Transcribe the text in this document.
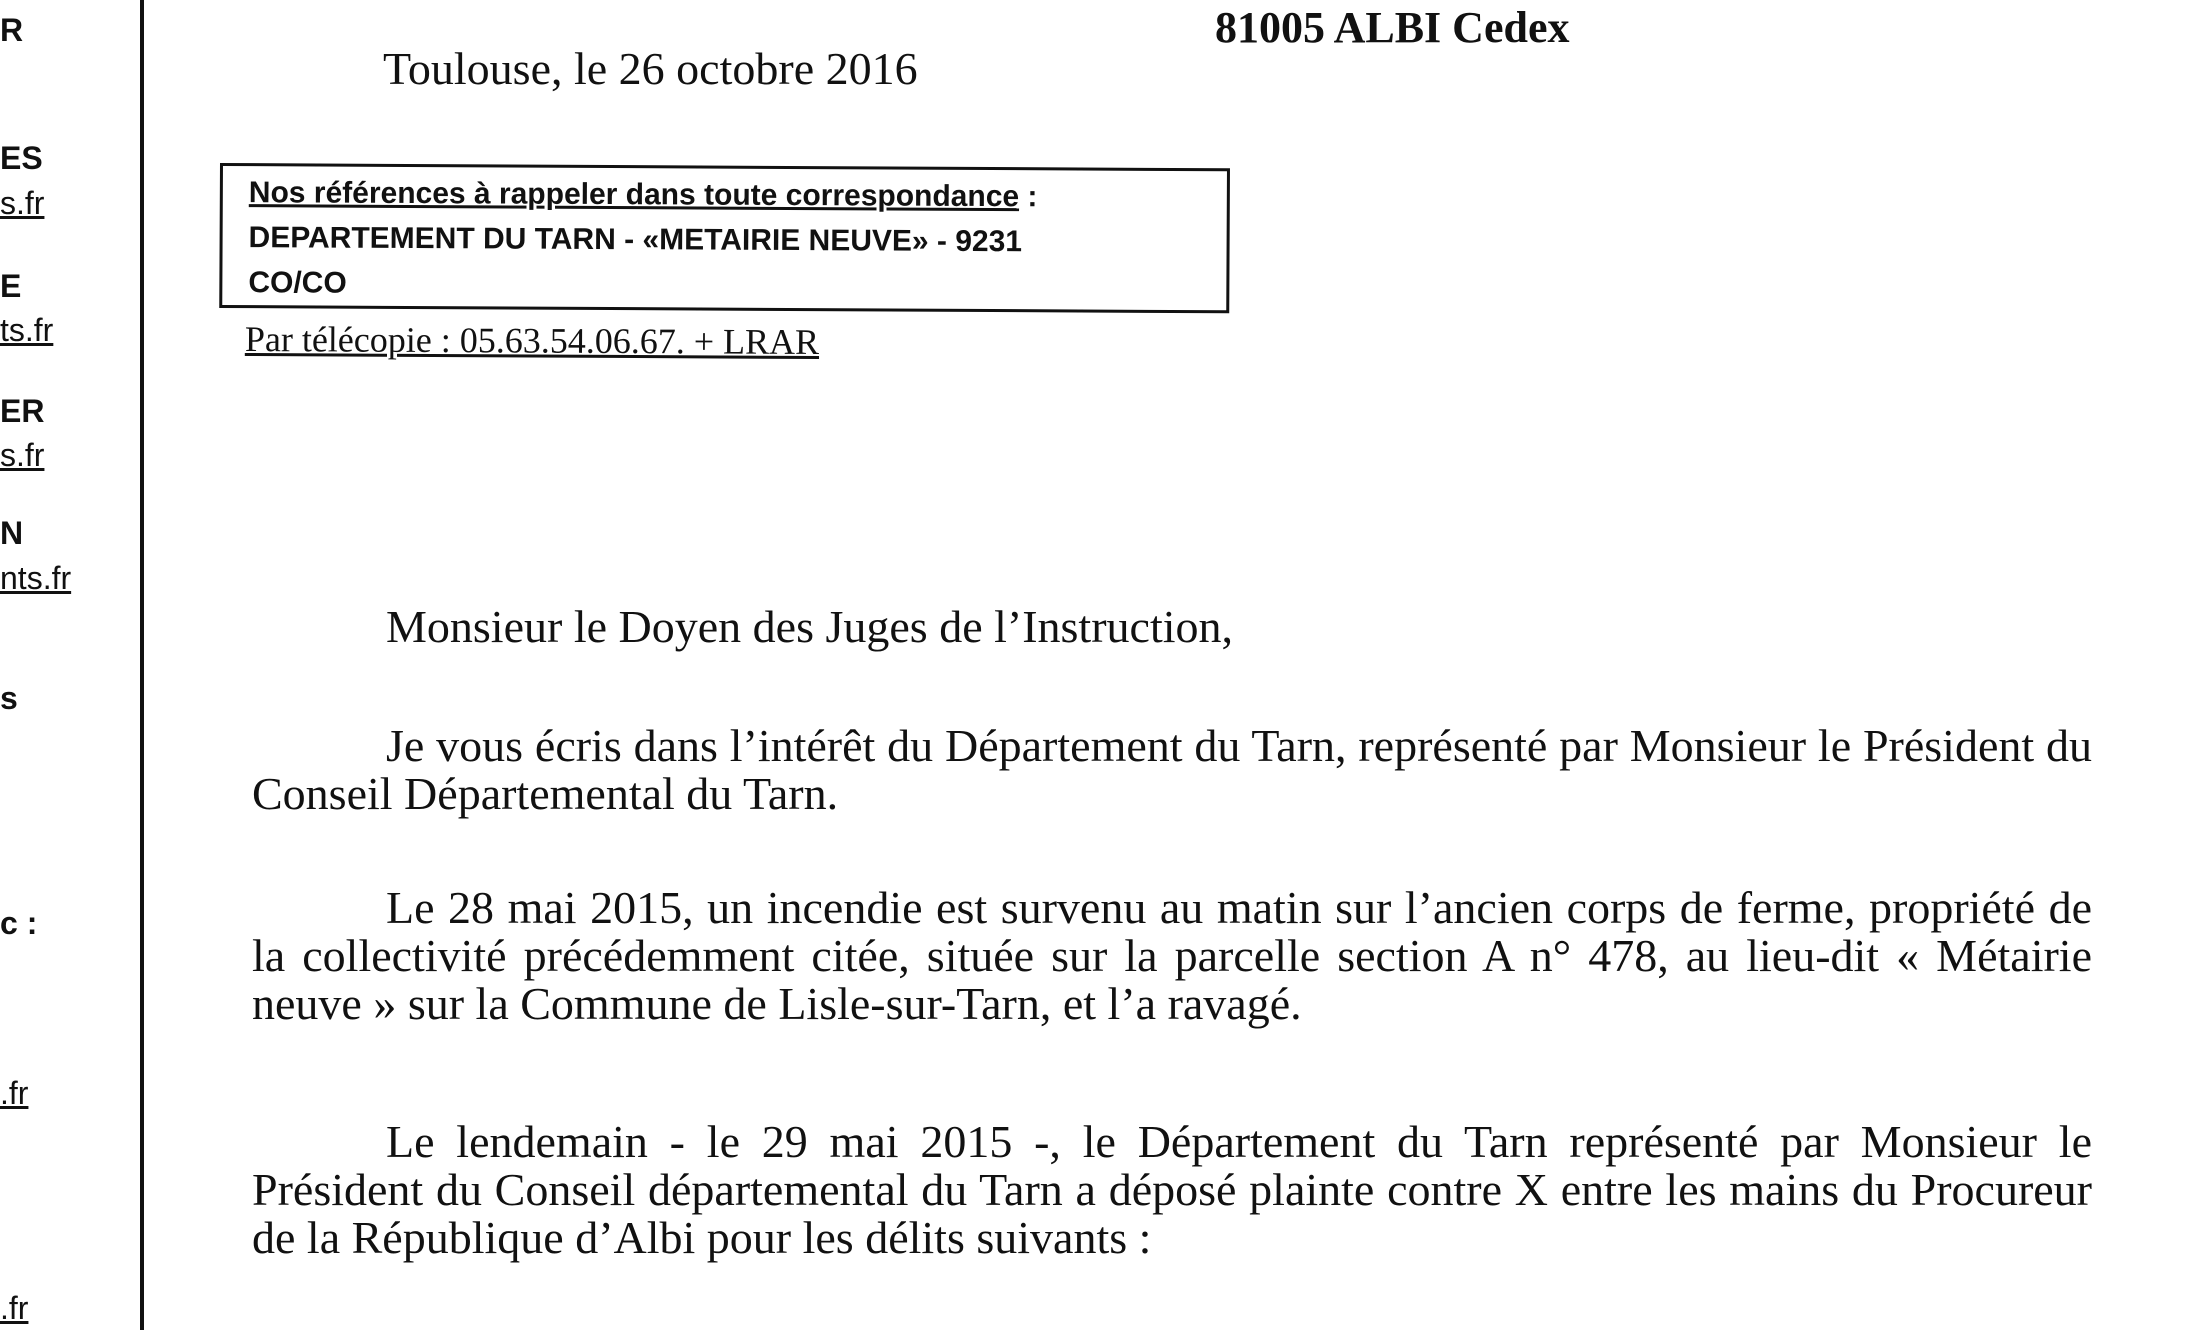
R
ES
s.fr
E
ts.fr
ER
s.fr
N
nts.fr
s
c :
.fr
.fr
81005 ALBI Cedex
Toulouse, le 26 octobre 2016
Nos références à rappeler dans toute correspondance :
DEPARTEMENT DU TARN - «METAIRIE NEUVE» - 9231
CO/CO
Par télécopie : 05.63.54.06.67. + LRAR
Monsieur le Doyen des Juges de l’Instruction,

Je vous écris dans l’intérêt du Département du Tarn, représenté par Monsieur le Président du Conseil Départemental du Tarn.

Le 28 mai 2015, un incendie est survenu au matin sur l’ancien corps de ferme, propriété de la collectivité précédemment citée, située sur la parcelle section A n° 478, au lieu-dit « Métairie neuve » sur la Commune de Lisle-sur-Tarn, et l’a ravagé.

Le lendemain - le 29 mai 2015 -, le Département du Tarn représenté par Monsieur le Président du Conseil départemental du Tarn a déposé plainte contre X entre les mains du Procureur de la République d’Albi pour les délits suivants :
